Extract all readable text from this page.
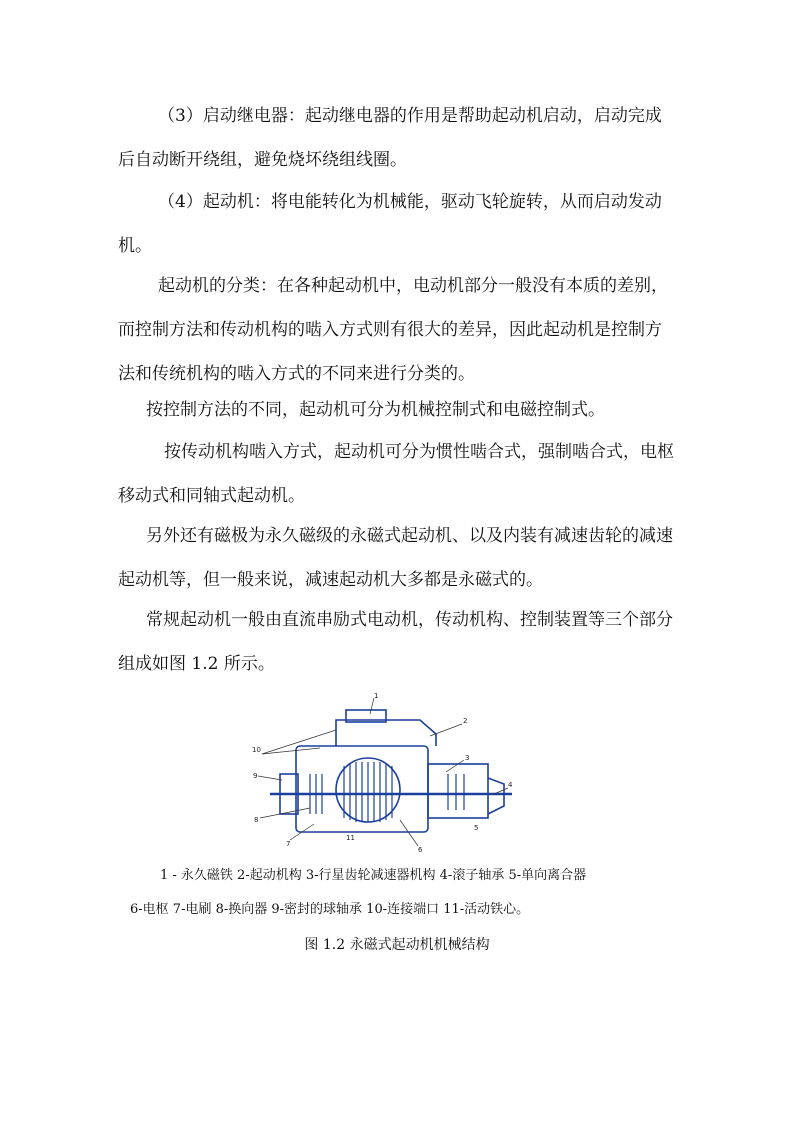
（3）启动继电器：起动继电器的作用是帮助起动机启动，启动完成后自动断开绕组，避免烧坏绕组线圈。

（4）起动机：将电能转化为机械能，驱动飞轮旋转，从而启动发动机。

起动机的分类：在各种起动机中，电动机部分一般没有本质的差别，而控制方法和传动机构的啮入方式则有很大的差异，因此起动机是控制方法和传统机构的啮入方式的不同来进行分类的。

按控制方法的不同，起动机可分为机械控制式和电磁控制式。

按传动机构啮入方式，起动机可分为惯性啮合式，强制啮合式，电枢移动式和同轴式起动机。

另外还有磁极为永久磁级的永磁式起动机、以及内装有减速齿轮的减速起动机等，但一般来说，减速起动机大多都是永磁式的。

常规起动机一般由直流串励式电动机，传动机构、控制装置等三个部分组成如图 1.2 所示。

1
2
3
4
5
6
7
8
9
10
11
1 - 永久磁铁 2-起动机构 3-行星齿轮减速器机构 4-滚子轴承 5-单向离合器
6-电枢 7-电刷 8-换向器 9-密封的球轴承 10-连接端口 11-活动铁心。
图 1.2 永磁式起动机机械结构
